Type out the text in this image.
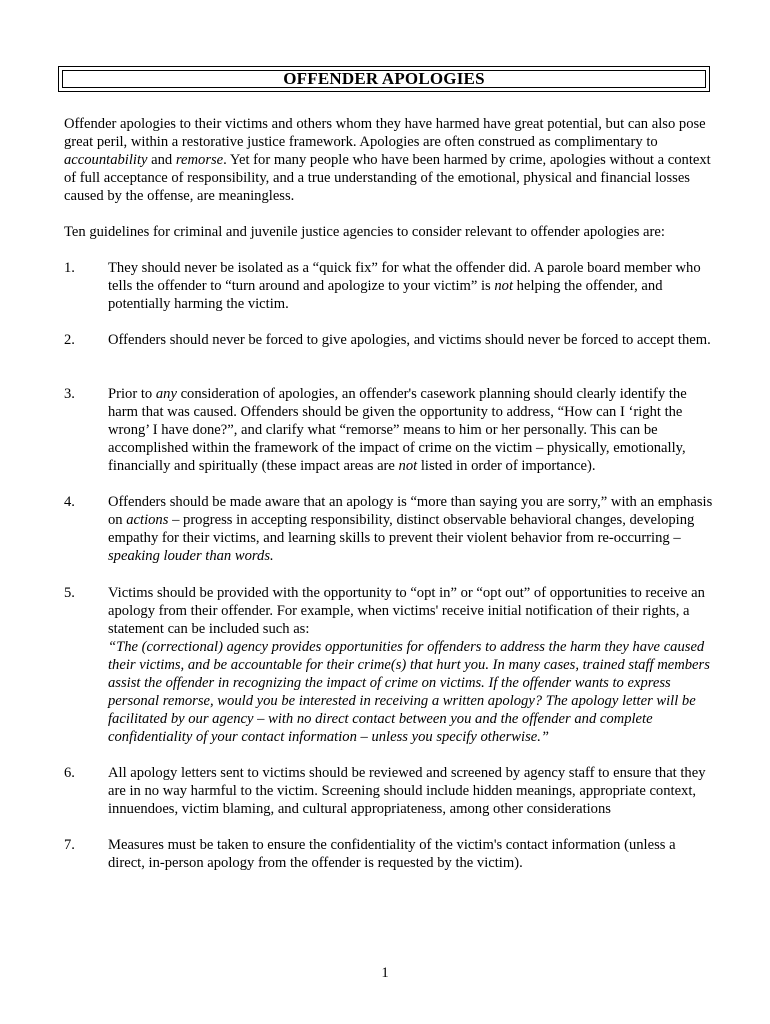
OFFENDER APOLOGIES

Offender apologies to their victims and others whom they have harmed have great potential, but can also pose great peril, within a restorative justice framework. Apologies are often construed as complimentary to accountability and remorse. Yet for many people who have been harmed by crime, apologies without a context of full acceptance of responsibility, and a true understanding of the emotional, physical and financial losses caused by the offense, are meaningless.

Ten guidelines for criminal and juvenile justice agencies to consider relevant to offender apologies are:

1.	They should never be isolated as a “quick fix” for what the offender did. A parole board member who tells the offender to “turn around and apologize to your victim” is not helping the offender, and potentially harming the victim.

2.	Offenders should never be forced to give apologies, and victims should never be forced to accept them.

3.	Prior to any consideration of apologies, an offender's casework planning should clearly identify the harm that was caused. Offenders should be given the opportunity to address, “How can I ‘right the wrong’ I have done?”, and clarify what “remorse” means to him or her personally. This can be accomplished within the framework of the impact of crime on the victim – physically, emotionally, financially and spiritually (these impact areas are not listed in order of importance).

4.	Offenders should be made aware that an apology is “more than saying you are sorry,” with an emphasis on actions – progress in accepting responsibility, distinct observable behavioral changes, developing empathy for their victims, and learning skills to prevent their violent behavior from re-occurring – speaking louder than words.

5.	Victims should be provided with the opportunity to “opt in” or “opt out” of opportunities to receive an apology from their offender. For example, when victims' receive initial notification of their rights, a statement can be included such as:

“The (correctional) agency provides opportunities for offenders to address the harm they have caused their victims, and be accountable for their crime(s) that hurt you. In many cases, trained staff members assist the offender in recognizing the impact of crime on victims. If the offender wants to express personal remorse, would you be interested in receiving a written apology? The apology letter will be facilitated by our agency – with no direct contact between you and the offender and complete confidentiality of your contact information – unless you specify otherwise.”

6.	All apology letters sent to victims should be reviewed and screened by agency staff to ensure that they are in no way harmful to the victim. Screening should include hidden meanings, appropriate context, innuendoes, victim blaming, and cultural appropriateness, among other considerations

7.	Measures must be taken to ensure the confidentiality of the victim's contact information (unless a direct, in-person apology from the offender is requested by the victim).

1
